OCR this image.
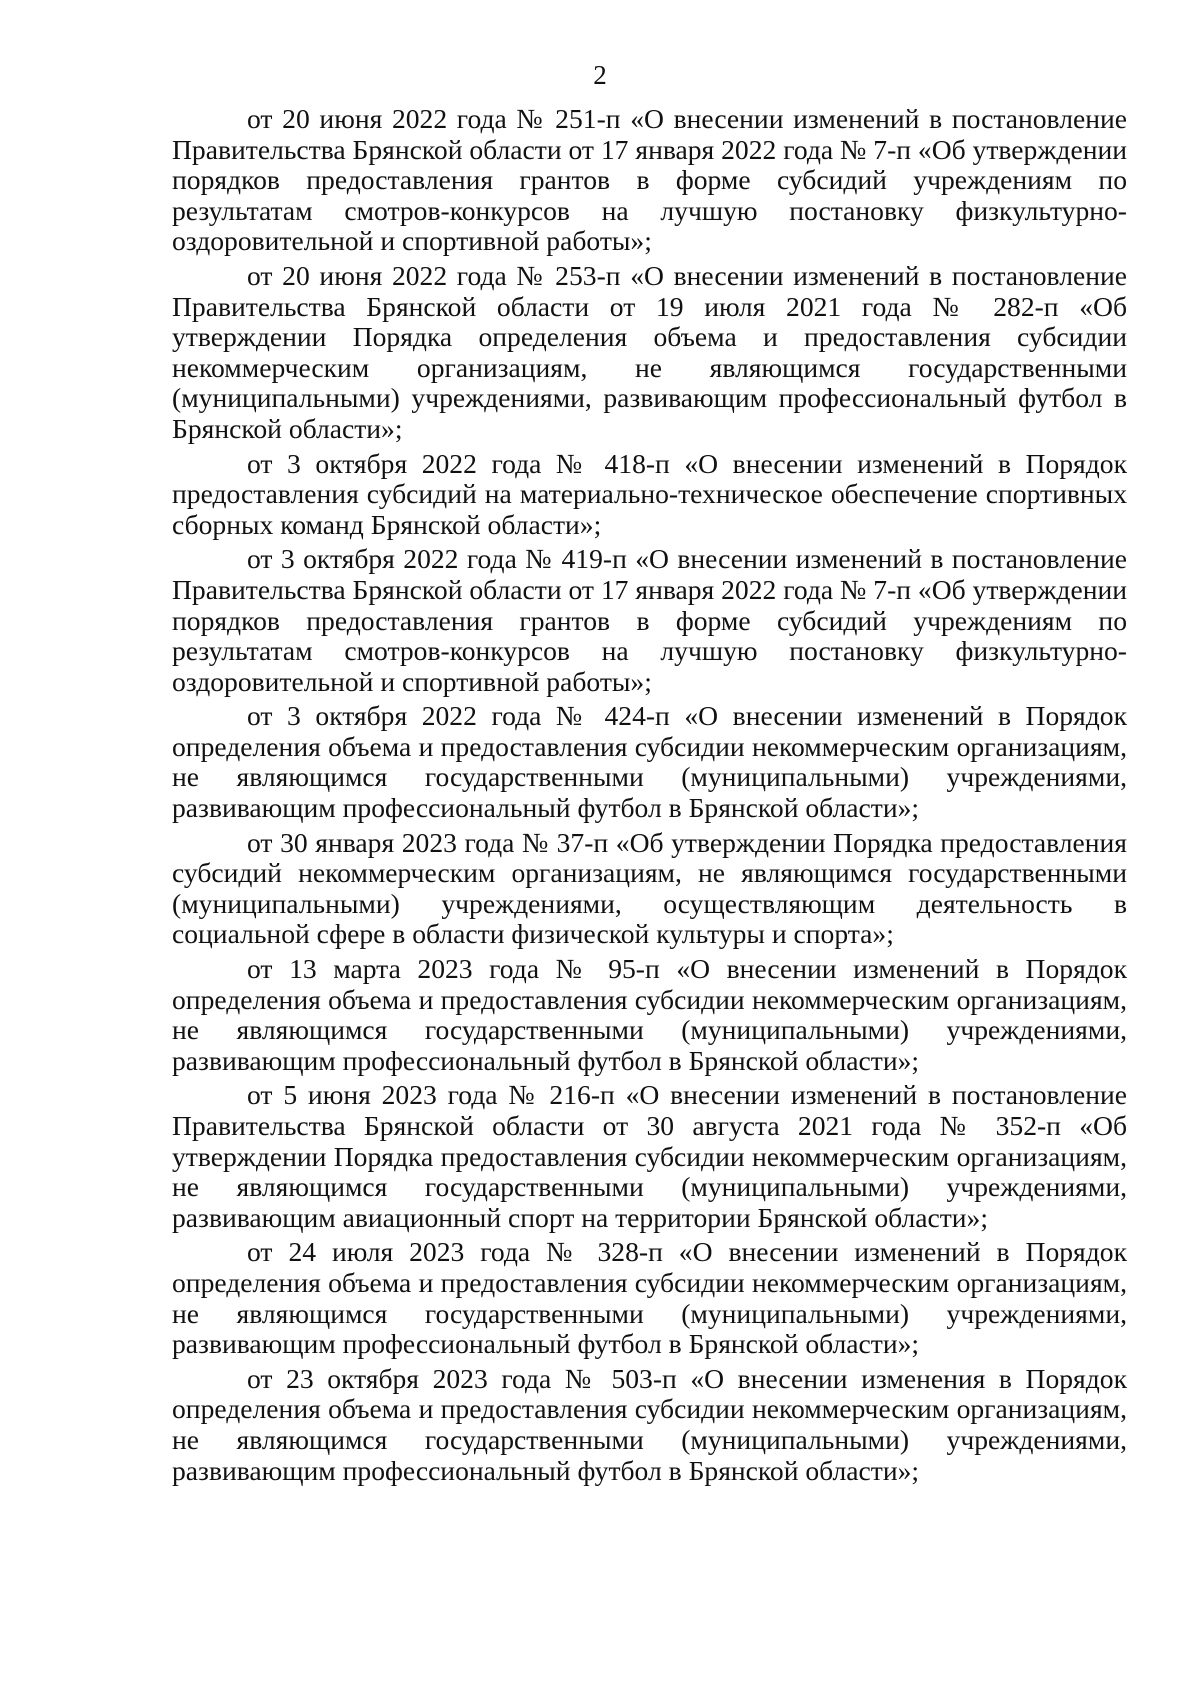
2

от 20 июня 2022 года № 251-п «О внесении изменений в постановление Правительства Брянской области от 17 января 2022 года № 7-п «Об утверждении порядков предоставления грантов в форме субсидий учреждениям по результатам смотров-конкурсов на лучшую постановку физкультурно-оздоровительной и спортивной работы»;

от 20 июня 2022 года № 253-п «О внесении изменений в постановление Правительства Брянской области от 19 июля 2021 года № 282-п «Об утверждении Порядка определения объема и предоставления субсидии некоммерческим организациям, не являющимся государственными (муниципальными) учреждениями, развивающим профессиональный футбол в Брянской области»;

от 3 октября 2022 года № 418-п «О внесении изменений в Порядок предоставления субсидий на материально-техническое обеспечение спортивных сборных команд Брянской области»;

от 3 октября 2022 года № 419-п «О внесении изменений в постановление Правительства Брянской области от 17 января 2022 года № 7-п «Об утверждении порядков предоставления грантов в форме субсидий учреждениям по результатам смотров-конкурсов на лучшую постановку физкультурно-оздоровительной и спортивной работы»;

от 3 октября 2022 года № 424-п «О внесении изменений в Порядок определения объема и предоставления субсидии некоммерческим организациям, не являющимся государственными (муниципальными) учреждениями, развивающим профессиональный футбол в Брянской области»;

от 30 января 2023 года № 37-п «Об утверждении Порядка предоставления субсидий некоммерческим организациям, не являющимся государственными (муниципальными) учреждениями, осуществляющим деятельность в социальной сфере в области физической культуры и спорта»;

от 13 марта 2023 года № 95-п «О внесении изменений в Порядок определения объема и предоставления субсидии некоммерческим организациям, не являющимся государственными (муниципальными) учреждениями, развивающим профессиональный футбол в Брянской области»;

от 5 июня 2023 года № 216-п «О внесении изменений в постановление Правительства Брянской области от 30 августа 2021 года № 352-п «Об утверждении Порядка предоставления субсидии некоммерческим организациям, не являющимся государственными (муниципальными) учреждениями, развивающим авиационный спорт на территории Брянской области»;

от 24 июля 2023 года № 328-п «О внесении изменений в Порядок определения объема и предоставления субсидии некоммерческим организациям, не являющимся государственными (муниципальными) учреждениями, развивающим профессиональный футбол в Брянской области»;

от 23 октября 2023 года № 503-п «О внесении изменения в Порядок определения объема и предоставления субсидии некоммерческим организациям, не являющимся государственными (муниципальными) учреждениями, развивающим профессиональный футбол в Брянской области»;
